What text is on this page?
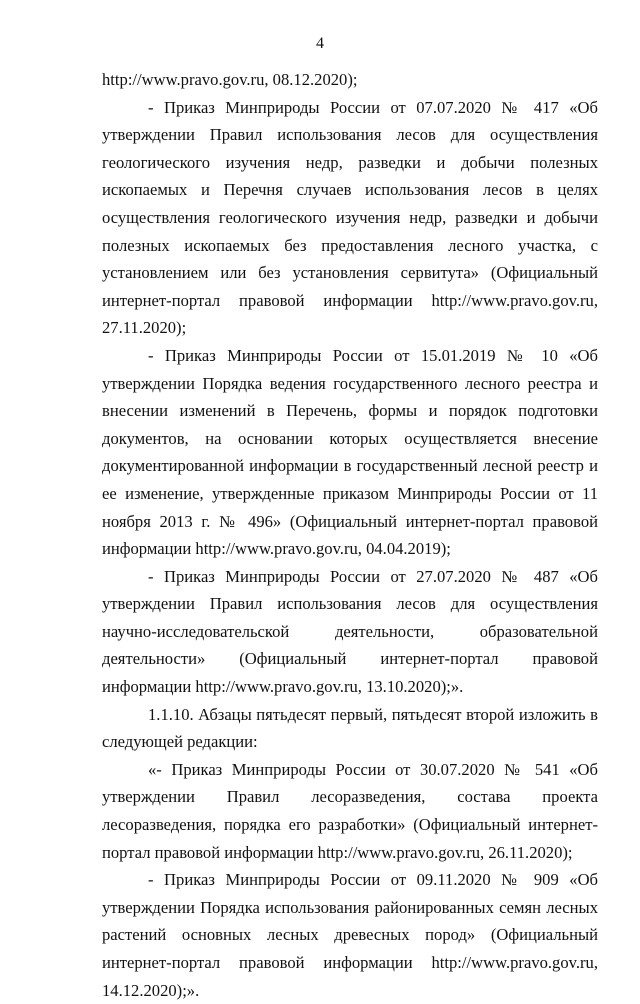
4

http://www.pravo.gov.ru, 08.12.2020);

- Приказ Минприроды России от 07.07.2020 № 417 «Об утверждении Правил использования лесов для осуществления геологического изучения недр, разведки и добычи полезных ископаемых и Перечня случаев использования лесов в целях осуществления геологического изучения недр, разведки и добычи полезных ископаемых без предоставления лесного участка, с установлением или без установления сервитута» (Официальный интернет-портал правовой информации http://www.pravo.gov.ru, 27.11.2020);

- Приказ Минприроды России от 15.01.2019 № 10 «Об утверждении Порядка ведения государственного лесного реестра и внесении изменений в Перечень, формы и порядок подготовки документов, на основании которых осуществляется внесение документированной информации в государственный лесной реестр и ее изменение, утвержденные приказом Минприроды России от 11 ноября 2013 г. № 496» (Официальный интернет-портал правовой информации http://www.pravo.gov.ru, 04.04.2019);

- Приказ Минприроды России от 27.07.2020 № 487 «Об утверждении Правил использования лесов для осуществления научно-исследовательской деятельности, образовательной деятельности» (Официальный интернет-портал правовой информации http://www.pravo.gov.ru, 13.10.2020);».

1.1.10. Абзацы пятьдесят первый, пятьдесят второй изложить в следующей редакции:

«- Приказ Минприроды России от 30.07.2020 № 541 «Об утверждении Правил лесоразведения, состава проекта лесоразведения, порядка его разработки» (Официальный интернет-портал правовой информации http://www.pravo.gov.ru, 26.11.2020);

- Приказ Минприроды России от 09.11.2020 № 909 «Об утверждении Порядка использования районированных семян лесных растений основных лесных древесных пород» (Официальный интернет-портал правовой информации http://www.pravo.gov.ru, 14.12.2020);».
